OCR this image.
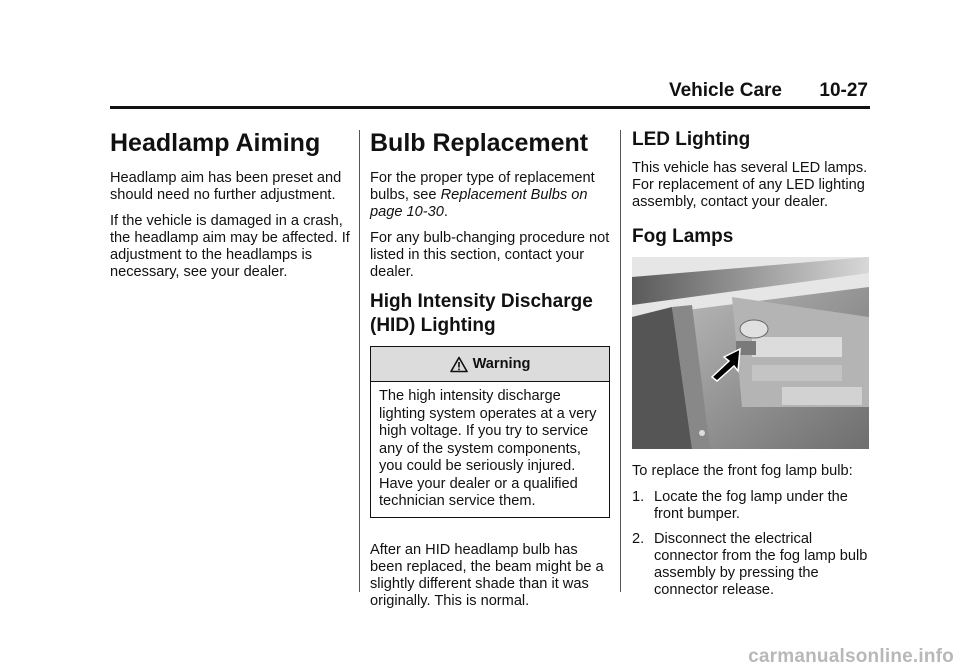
Vehicle Care 10-27
Headlamp Aiming

Headlamp aim has been preset and should need no further adjustment.

If the vehicle is damaged in a crash, the headlamp aim may be affected. If adjustment to the headlamps is necessary, see your dealer.

Bulb Replacement

For the proper type of replacement bulbs, see Replacement Bulbs on page 10-30.

For any bulb-changing procedure not listed in this section, contact your dealer.

High Intensity Discharge (HID) Lighting
Warning
The high intensity discharge lighting system operates at a very high voltage. If you try to service any of the system components, you could be seriously injured. Have your dealer or a qualified technician service them.

After an HID headlamp bulb has been replaced, the beam might be a slightly different shade than it was originally. This is normal.

LED Lighting

This vehicle has several LED lamps. For replacement of any LED lighting assembly, contact your dealer.

Fog Lamps

To replace the front fog lamp bulb:

1. Locate the fog lamp under the front bumper.
2. Disconnect the electrical connector from the fog lamp bulb assembly by pressing the connector release.
carmanualsonline.info
